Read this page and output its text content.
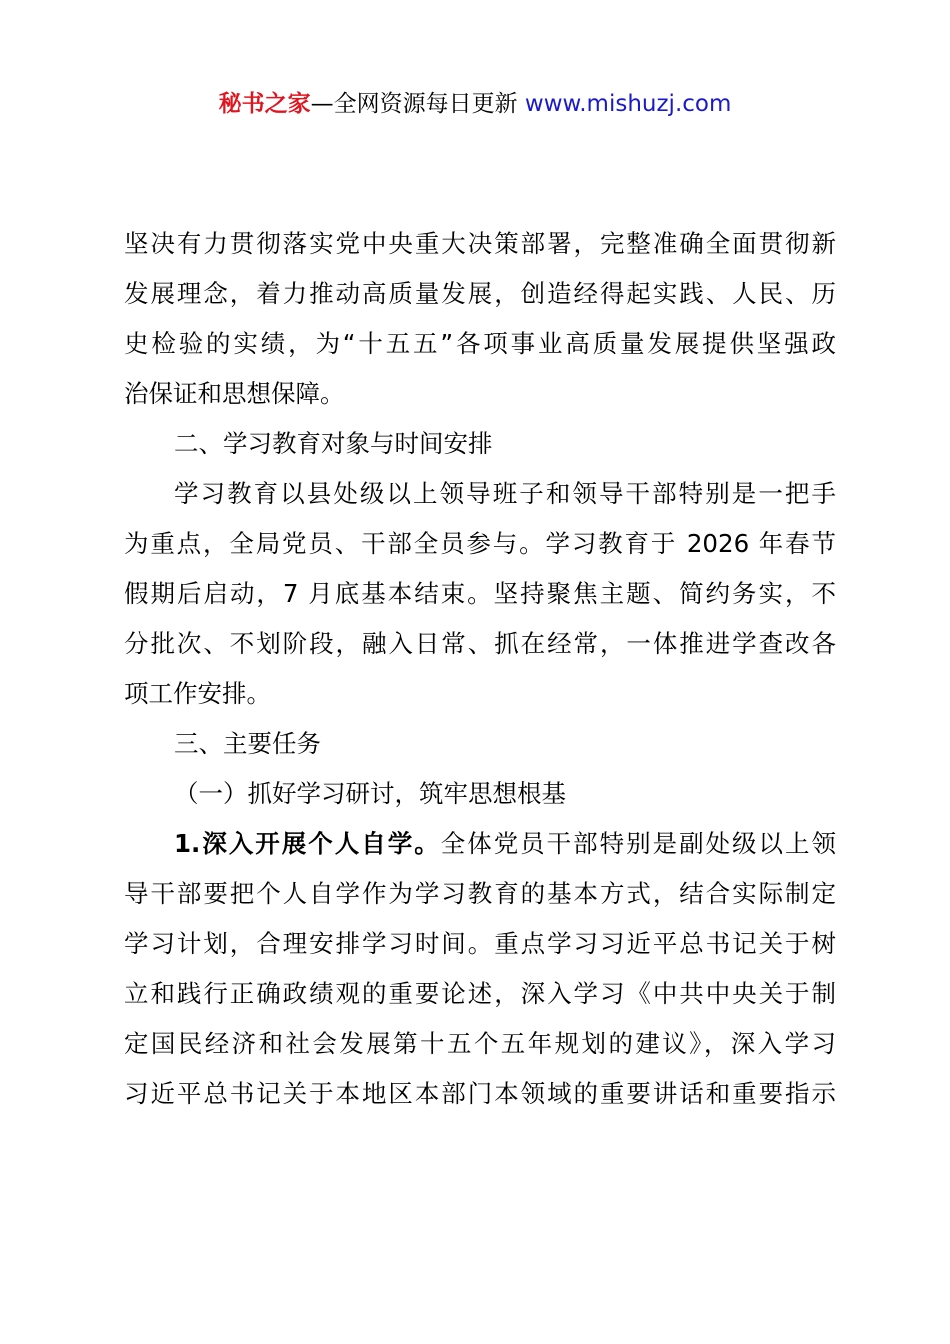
秘书之家—全网资源每日更新 www.mishuzj.com
坚决有力贯彻落实党中央重大决策部署，完整准确全面贯彻新
发展理念，着力推动高质量发展，创造经得起实践、人民、历
史检验的实绩，为“十五五”各项事业高质量发展提供坚强政
治保证和思想保障。
二、学习教育对象与时间安排
学习教育以县处级以上领导班子和领导干部特别是一把手
为重点，全局党员、干部全员参与。学习教育于 2026 年春节
假期后启动，7 月底基本结束。坚持聚焦主题、简约务实，不
分批次、不划阶段，融入日常、抓在经常，一体推进学查改各
项工作安排。
三、主要任务
（一）抓好学习研讨，筑牢思想根基
1.深入开展个人自学。全体党员干部特别是副处级以上领
导干部要把个人自学作为学习教育的基本方式，结合实际制定
学习计划，合理安排学习时间。重点学习习近平总书记关于树
立和践行正确政绩观的重要论述，深入学习《中共中央关于制
定国民经济和社会发展第十五个五年规划的建议》，深入学习
习近平总书记关于本地区本部门本领域的重要讲话和重要指示
